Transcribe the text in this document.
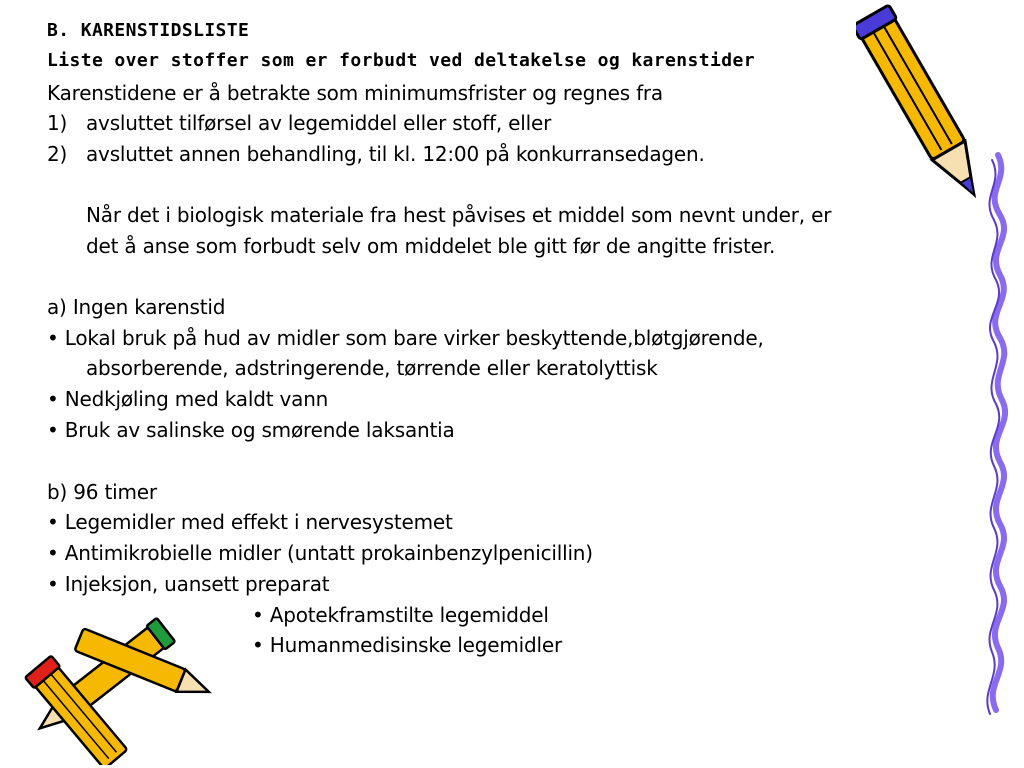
B. KARENSTIDSLISTE
Liste over stoffer som er forbudt ved deltakelse og karenstider
Karenstidene er å betrakte som minimumsfrister og regnes fra
1) avsluttet tilførsel av legemiddel eller stoff, eller
2) avsluttet annen behandling, til kl. 12:00 på konkurransedagen.
Når det i biologisk materiale fra hest påvises et middel som nevnt under, er
det å anse som forbudt selv om middelet ble gitt før de angitte frister.
a) Ingen karenstid
• Lokal bruk på hud av midler som bare virker beskyttende,bløtgjørende,
absorberende, adstringerende, tørrende eller keratolyttisk
• Nedkjøling med kaldt vann
• Bruk av salinske og smørende laksantia
b) 96 timer
• Legemidler med effekt i nervesystemet
• Antimikrobielle midler (untatt prokainbenzylpenicillin)
• Injeksjon, uansett preparat
• Apotekframstilte legemiddel
• Humanmedisinske legemidler
